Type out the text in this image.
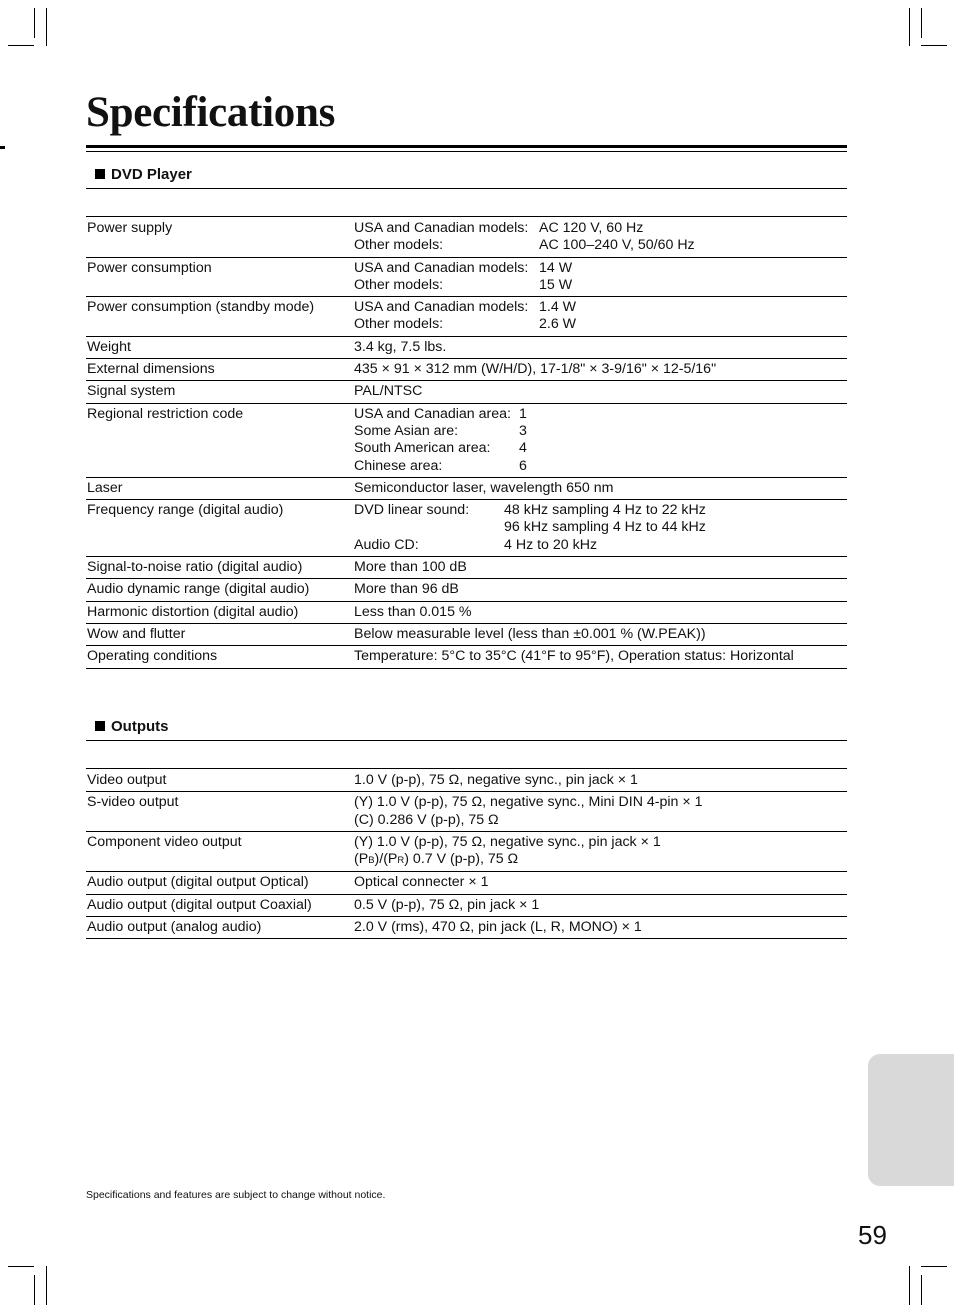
Specifications
DVD Player
Power supply	USA and Canadian models: AC 120 V, 60 Hz
Other models: AC 100–240 V, 50/60 Hz

Power consumption	USA and Canadian models: 14 W
Other models: 15 W

Power consumption (standby mode)	USA and Canadian models: 1.4 W
Other models: 2.6 W

Weight	3.4 kg, 7.5 lbs.

External dimensions	435 × 91 × 312 mm (W/H/D), 17-1/8" × 3-9/16" × 12-5/16"

Signal system	PAL/NTSC

Regional restriction code	USA and Canadian area: 1
Some Asian are: 3
South American area: 4
Chinese area: 6

Laser	Semiconductor laser, wavelength 650 nm

Frequency range (digital audio)	DVD linear sound: 48 kHz sampling 4 Hz to 22 kHz
96 kHz sampling 4 Hz to 44 kHz
Audio CD: 4 Hz to 20 kHz

Signal-to-noise ratio (digital audio)	More than 100 dB

Audio dynamic range (digital audio)	More than 96 dB

Harmonic distortion (digital audio)	Less than 0.015 %

Wow and flutter	Below measurable level (less than ±0.001 % (W.PEAK))

Operating conditions	Temperature: 5°C to 35°C (41°F to 95°F), Operation status: Horizontal
Outputs
Video output	1.0 V (p-p), 75 Ω, negative sync., pin jack × 1

S-video output	(Y) 1.0 V (p-p), 75 Ω, negative sync., Mini DIN 4-pin × 1
(C) 0.286 V (p-p), 75 Ω

Component video output	(Y) 1.0 V (p-p), 75 Ω, negative sync., pin jack × 1
(PB)/(PR) 0.7 V (p-p), 75 Ω

Audio output (digital output Optical)	Optical connecter × 1

Audio output (digital output Coaxial)	0.5 V (p-p), 75 Ω, pin jack × 1

Audio output (analog audio)	2.0 V (rms), 470 Ω, pin jack (L, R, MONO) × 1
Specifications and features are subject to change without notice.
59
